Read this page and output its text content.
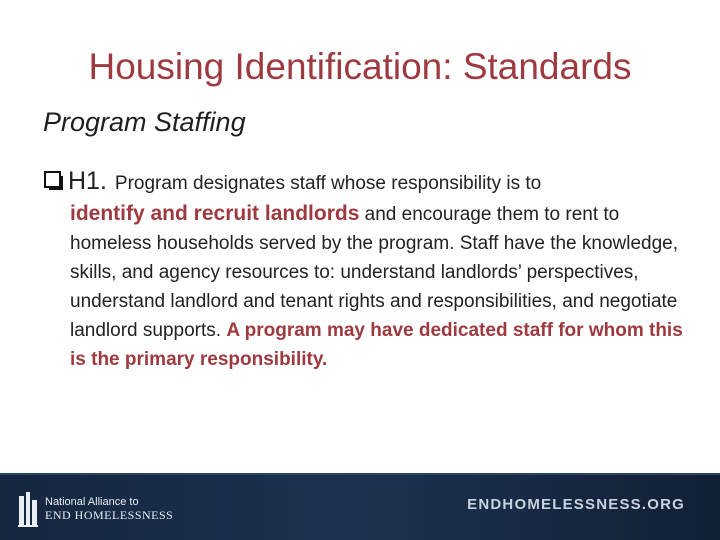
Housing Identification: Standards
Program Staffing
H1. Program designates staff whose responsibility is to
identify and recruit landlords and encourage them to rent to homeless households served by the program. Staff have the knowledge, skills, and agency resources to: understand landlords’ perspectives, understand landlord and tenant rights and responsibilities, and negotiate landlord supports. A program may have dedicated staff for whom this is the primary responsibility.
National Alliance to
END HOMELESSNESS
ENDHOMELESSNESS.ORG
